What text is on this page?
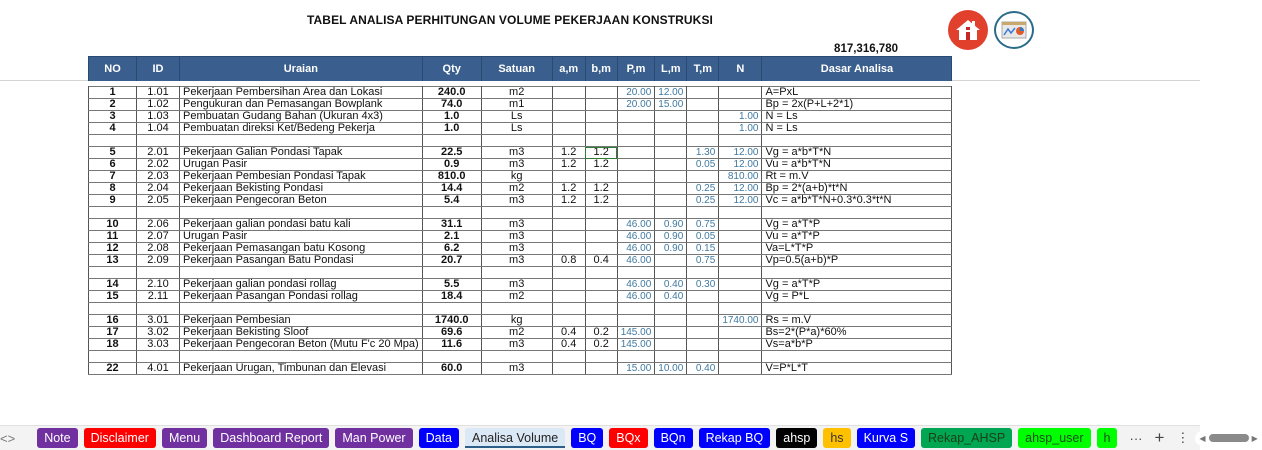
TABEL ANALISA PERHITUNGAN VOLUME PEKERJAAN KONSTRUKSI
817,316,780
NO	ID	Uraian	Qty	Satuan	a,m	b,m	P,m	L,m	T,m	N	Dasar Analisa

1	1.01	Pekerjaan Pembersihan Area dan Lokasi	240.0	m2			20.00	12.00			A=PxL
2	1.02	Pengukuran dan Pemasangan Bowplank	74.0	m1			20.00	15.00			Bp = 2x(P+L+2*1)
3	1.03	Pembuatan Gudang Bahan (Ukuran 4x3)	1.0	Ls						1.00	N = Ls
4	1.04	Pembuatan direksi Ket/Bedeng Pekerja	1.0	Ls						1.00	N = Ls

5	2.01	Pekerjaan Galian Pondasi Tapak	22.5	m3	1.2	1.2			1.30	12.00	Vg = a*b*T*N
6	2.02	Urugan Pasir	0.9	m3	1.2	1.2			0.05	12.00	Vu = a*b*T*N
7	2.03	Pekerjaan Pembesian Pondasi Tapak	810.0	kg						810.00	Rt = m.V
8	2.04	Pekerjaan Bekisting Pondasi	14.4	m2	1.2	1.2			0.25	12.00	Bp = 2*(a+b)*t*N
9	2.05	Pekerjaan Pengecoran Beton	5.4	m3	1.2	1.2			0.25	12.00	Vc = a*b*T*N+0.3*0.3*t*N

10	2.06	Pekerjaan galian pondasi batu kali	31.1	m3			46.00	0.90	0.75		Vg = a*T*P
11	2.07	Urugan Pasir	2.1	m3			46.00	0.90	0.05		Vu = a*T*P
12	2.08	Pekerjaan Pemasangan batu Kosong	6.2	m3			46.00	0.90	0.15		Va=L*T*P
13	2.09	Pekerjaan Pasangan Batu Pondasi	20.7	m3	0.8	0.4	46.00		0.75		Vp=0.5(a+b)*P

14	2.10	Pekerjaan galian pondasi rollag	5.5	m3			46.00	0.40	0.30		Vg = a*T*P
15	2.11	Pekerjaan Pasangan Pondasi rollag	18.4	m2			46.00	0.40			Vg = P*L

16	3.01	Pekerjaan Pembesian	1740.0	kg						1740.00	Rs = m.V
17	3.02	Pekerjaan Bekisting Sloof	69.6	m2	0.4	0.2	145.00				Bs=2*(P*a)*60%
18	3.03	Pekerjaan Pengecoran Beton (Mutu F'c 20 Mpa)	11.6	m3	0.4	0.2	145.00				Vs=a*b*P

22	4.01	Pekerjaan Urugan, Timbunan dan Elevasi	60.0	m3			15.00	10.00	0.40		V=P*L*T
< >	Note	Disclaimer	Menu	Dashboard Report	Man Power	Data	Analisa Volume	BQ	BQx	BQn	Rekap BQ	ahsp	hs	Kurva S	Rekap_AHSP	ahsp_user	h	··· + ⋮ ◀	▶
